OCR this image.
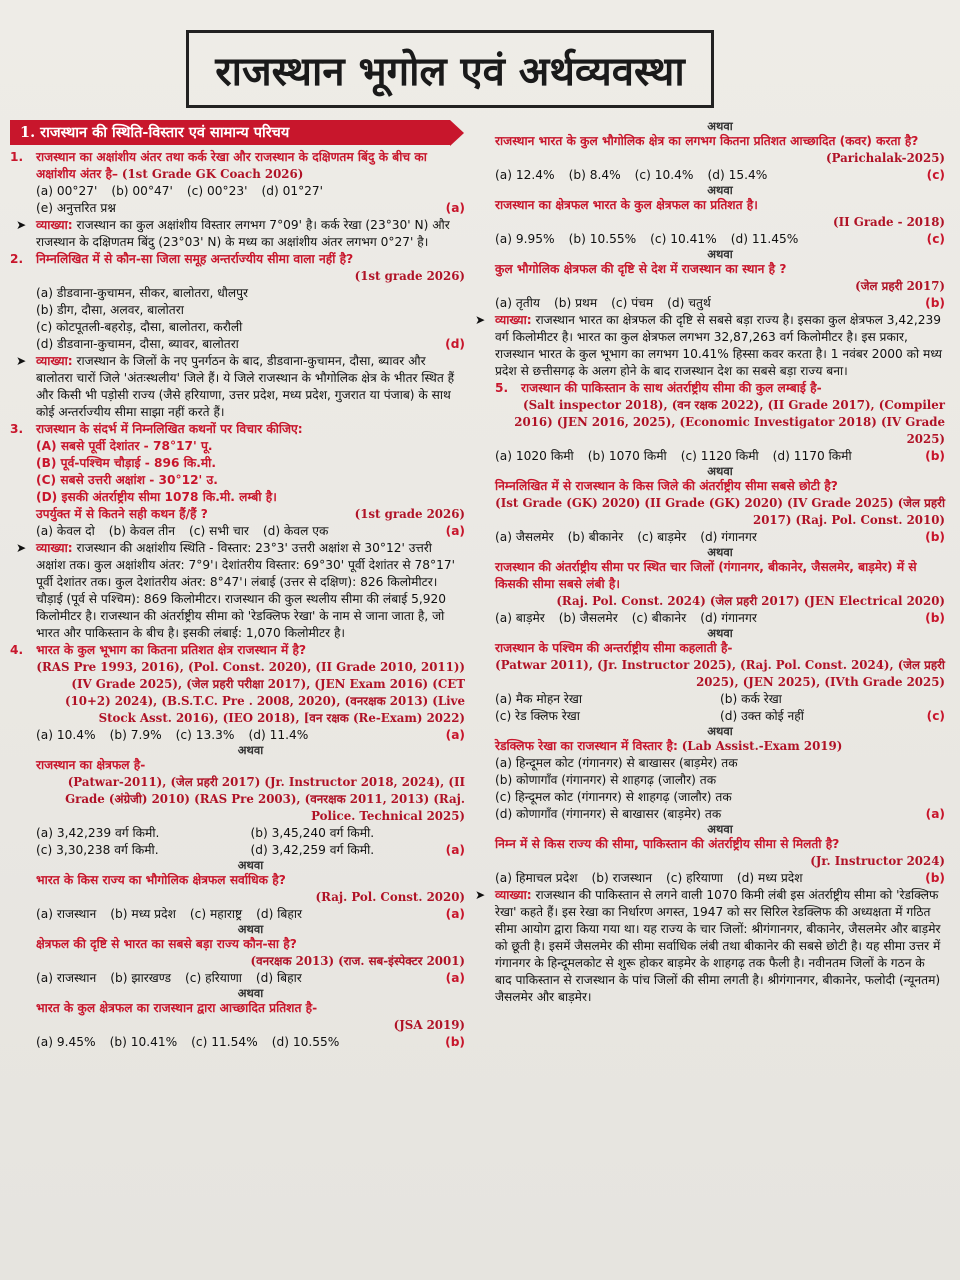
राजस्थान भूगोल एवं अर्थव्यवस्था
1. राजस्थान की स्थिति-विस्तार एवं सामान्य परिचय
1. राजस्थान का अक्षांशीय अंतर तथा कर्क रेखा और राजस्थान के दक्षिणतम बिंदु के बीच का अक्षांशीय अंतर है– (1st Grade GK Coach 2026)
(a) 00°27' (b) 00°47' (c) 00°23' (d) 01°27'
(e) अनुत्तरित प्रश्न	(a)
➤ व्याख्या: राजस्थान का कुल अक्षांशीय विस्तार लगभग 7°09' है। कर्क रेखा (23°30' N) और राजस्थान के दक्षिणतम बिंदु (23°03' N) के मध्य का अक्षांशीय अंतर लगभग 0°27' है।
2. निम्नलिखित में से कौन-सा जिला समूह अन्तर्राज्यीय सीमा वाला नहीं है?
(1st grade 2026)
(a) डीडवाना-कुचामन, सीकर, बालोतरा, धौलपुर
(b) डीग, दौसा, अलवर, बालोतरा
(c) कोटपूतली-बहरोड़, दौसा, बालोतरा, करौली
(d) डीडवाना-कुचामन, दौसा, ब्यावर, बालोतरा	(d)
➤ व्याख्या: राजस्थान के जिलों के नए पुनर्गठन के बाद, डीडवाना-कुचामन, दौसा, ब्यावर और बालोतरा चारों जिले 'अंतःस्थलीय' जिले हैं। ये जिले राजस्थान के भौगोलिक क्षेत्र के भीतर स्थित हैं और किसी भी पड़ोसी राज्य (जैसे हरियाणा, उत्तर प्रदेश, मध्य प्रदेश, गुजरात या पंजाब) के साथ कोई अन्तर्राज्यीय सीमा साझा नहीं करते हैं।
3. राजस्थान के संदर्भ में निम्नलिखित कथनों पर विचार कीजिए:
(A) सबसे पूर्वी देशांतर - 78°17' पू.
(B) पूर्व-पश्चिम चौड़ाई - 896 कि.मी.
(C) सबसे उत्तरी अक्षांश - 30°12' उ.
(D) इसकी अंतर्राष्ट्रीय सीमा 1078 कि.मी. लम्बी है।
उपर्युक्त में से कितने सही कथन हैं/हैं ?	(1st grade 2026)
(a) केवल दो (b) केवल तीन (c) सभी चार (d) केवल एक	(a)
➤ व्याख्या: राजस्थान की अक्षांशीय स्थिति - विस्तार: 23°3' उत्तरी अक्षांश से 30°12' उत्तरी अक्षांश तक। कुल अक्षांशीय अंतर: 7°9'। देशांतरीय विस्तार: 69°30' पूर्वी देशांतर से 78°17' पूर्वी देशांतर तक। कुल देशांतरीय अंतर: 8°47'। लंबाई (उत्तर से दक्षिण): 826 किलोमीटर। चौड़ाई (पूर्व से पश्चिम): 869 किलोमीटर। राजस्थान की कुल स्थलीय सीमा की लंबाई 5,920 किलोमीटर है। राजस्थान की अंतर्राष्ट्रीय सीमा को 'रेडक्लिफ रेखा' के नाम से जाना जाता है, जो भारत और पाकिस्तान के बीच है। इसकी लंबाई: 1,070 किलोमीटर है।
4. भारत के कुल भूभाग का कितना प्रतिशत क्षेत्र राजस्थान में है?
(RAS Pre 1993, 2016), (Pol. Const. 2020), (II Grade 2010, 2011)) (IV Grade 2025), (जेल प्रहरी परीक्षा 2017), (JEN Exam 2016) (CET (10+2) 2024), (B.S.T.C. Pre . 2008, 2020), (वनरक्षक 2013) (Live Stock Asst. 2016), (IEO 2018), [वन रक्षक (Re-Exam) 2022)
(a) 10.4% (b) 7.9% (c) 13.3% (d) 11.4%	(a)
अथवा
राजस्थान का क्षेत्रफल है-
(Patwar-2011), (जेल प्रहरी 2017) (Jr. Instructor 2018, 2024), (II Grade (अंग्रेजी) 2010) (RAS Pre 2003), (वनरक्षक 2011, 2013) (Raj. Police. Technical 2025)
(a) 3,42,239 वर्ग किमी.	(b) 3,45,240 वर्ग किमी.
(c) 3,30,238 वर्ग किमी.	(d) 3,42,259 वर्ग किमी.	(a)
अथवा
भारत के किस राज्य का भौगोलिक क्षेत्रफल सर्वाधिक है?
(Raj. Pol. Const. 2020)
(a) राजस्थान (b) मध्य प्रदेश (c) महाराष्ट्र (d) बिहार	(a)
अथवा
क्षेत्रफल की दृष्टि से भारत का सबसे बड़ा राज्य कौन-सा है?
(वनरक्षक 2013) (राज. सब-इंस्पेक्टर 2001)
(a) राजस्थान (b) झारखण्ड (c) हरियाणा (d) बिहार	(a)
अथवा
भारत के कुल क्षेत्रफल का राजस्थान द्वारा आच्छादित प्रतिशत है-
(JSA 2019)
(a) 9.45% (b) 10.41% (c) 11.54% (d) 10.55%	(b)
अथवा
राजस्थान भारत के कुल भौगोलिक क्षेत्र का लगभग कितना प्रतिशत आच्छादित (कवर) करता है?
(Parichalak-2025)
(a) 12.4% (b) 8.4% (c) 10.4% (d) 15.4%	(c)
अथवा
राजस्थान का क्षेत्रफल भारत के कुल क्षेत्रफल का प्रतिशत है।
(II Grade - 2018)
(a) 9.95% (b) 10.55% (c) 10.41% (d) 11.45%	(c)
अथवा
कुल भौगोलिक क्षेत्रफल की दृष्टि से देश में राजस्थान का स्थान है ?
(जेल प्रहरी 2017)
(a) तृतीय (b) प्रथम (c) पंचम (d) चतुर्थ	(b)
➤ व्याख्या: राजस्थान भारत का क्षेत्रफल की दृष्टि से सबसे बड़ा राज्य है। इसका कुल क्षेत्रफल 3,42,239 वर्ग किलोमीटर है। भारत का कुल क्षेत्रफल लगभग 32,87,263 वर्ग किलोमीटर है। इस प्रकार, राजस्थान भारत के कुल भूभाग का लगभग 10.41% हिस्सा कवर करता है। 1 नवंबर 2000 को मध्य प्रदेश से छत्तीसगढ़ के अलग होने के बाद राजस्थान देश का सबसे बड़ा राज्य बना।
5. राजस्थान की पाकिस्तान के साथ अंतर्राष्ट्रीय सीमा की कुल लम्बाई है-
(Salt inspector 2018), (वन रक्षक 2022), (II Grade 2017), (Compiler 2016) (JEN 2016, 2025), (Economic Investigator 2018) (IV Grade 2025)
(a) 1020 किमी (b) 1070 किमी (c) 1120 किमी (d) 1170 किमी	(b)
अथवा
निम्नलिखित में से राजस्थान के किस जिले की अंतर्राष्ट्रीय सीमा सबसे छोटी है?
(Ist Grade (GK) 2020) (II Grade (GK) 2020) (IV Grade 2025) (जेल प्रहरी 2017) (Raj. Pol. Const. 2010)
(a) जैसलमेर (b) बीकानेर (c) बाड़मेर (d) गंगानगर	(b)
अथवा
राजस्थान की अंतर्राष्ट्रीय सीमा पर स्थित चार जिलों (गंगानगर, बीकानेर, जैसलमेर, बाड़मेर) में से किसकी सीमा सबसे लंबी है।
(Raj. Pol. Const. 2024) (जेल प्रहरी 2017) (JEN Electrical 2020)
(a) बाड़मेर (b) जैसलमेर (c) बीकानेर (d) गंगानगर	(b)
अथवा
राजस्थान के पश्चिम की अन्तर्राष्ट्रीय सीमा कहलाती है-
(Patwar 2011), (Jr. Instructor 2025), (Raj. Pol. Const. 2024), (जेल प्रहरी 2025), (JEN 2025), (IVth Grade 2025)
(a) मैक मोहन रेखा	(b) कर्क रेखा
(c) रेड क्लिफ रेखा	(d) उक्त कोई नहीं	(c)
अथवा
रेडक्लिफ रेखा का राजस्थान में विस्तार है: (Lab Assist.-Exam 2019)
(a) हिन्दूमल कोट (गंगानगर) से बाखासर (बाड़मेर) तक
(b) कोणागाँव (गंगानगर) से शाहगढ़ (जालौर) तक
(c) हिन्दूमल कोट (गंगानगर) से शाहगढ़ (जालौर) तक
(d) कोणागाँव (गंगानगर) से बाखासर (बाड़मेर) तक	(a)
अथवा
निम्न में से किस राज्य की सीमा, पाकिस्तान की अंतर्राष्ट्रीय सीमा से मिलती है?
(Jr. Instructor 2024)
(a) हिमाचल प्रदेश (b) राजस्थान (c) हरियाणा (d) मध्य प्रदेश	(b)
➤ व्याख्या: राजस्थान की पाकिस्तान से लगने वाली 1070 किमी लंबी इस अंतर्राष्ट्रीय सीमा को 'रेडक्लिफ रेखा' कहते हैं। इस रेखा का निर्धारण अगस्त, 1947 को सर सिरिल रेडक्लिफ की अध्यक्षता में गठित सीमा आयोग द्वारा किया गया था। यह राज्य के चार जिलों: श्रीगंगानगर, बीकानेर, जैसलमेर और बाड़मेर को छूती है। इसमें जैसलमेर की सीमा सर्वाधिक लंबी तथा बीकानेर की सबसे छोटी है। यह सीमा उत्तर में गंगानगर के हिन्दूमलकोट से शुरू होकर बाड़मेर के शाहगढ़ तक फैली है। नवीनतम जिलों के गठन के बाद पाकिस्तान से राजस्थान के पांच जिलों की सीमा लगती है। श्रीगंगानगर, बीकानेर, फलोदी (न्यूनतम) जैसलमेर और बाड़मेर।
